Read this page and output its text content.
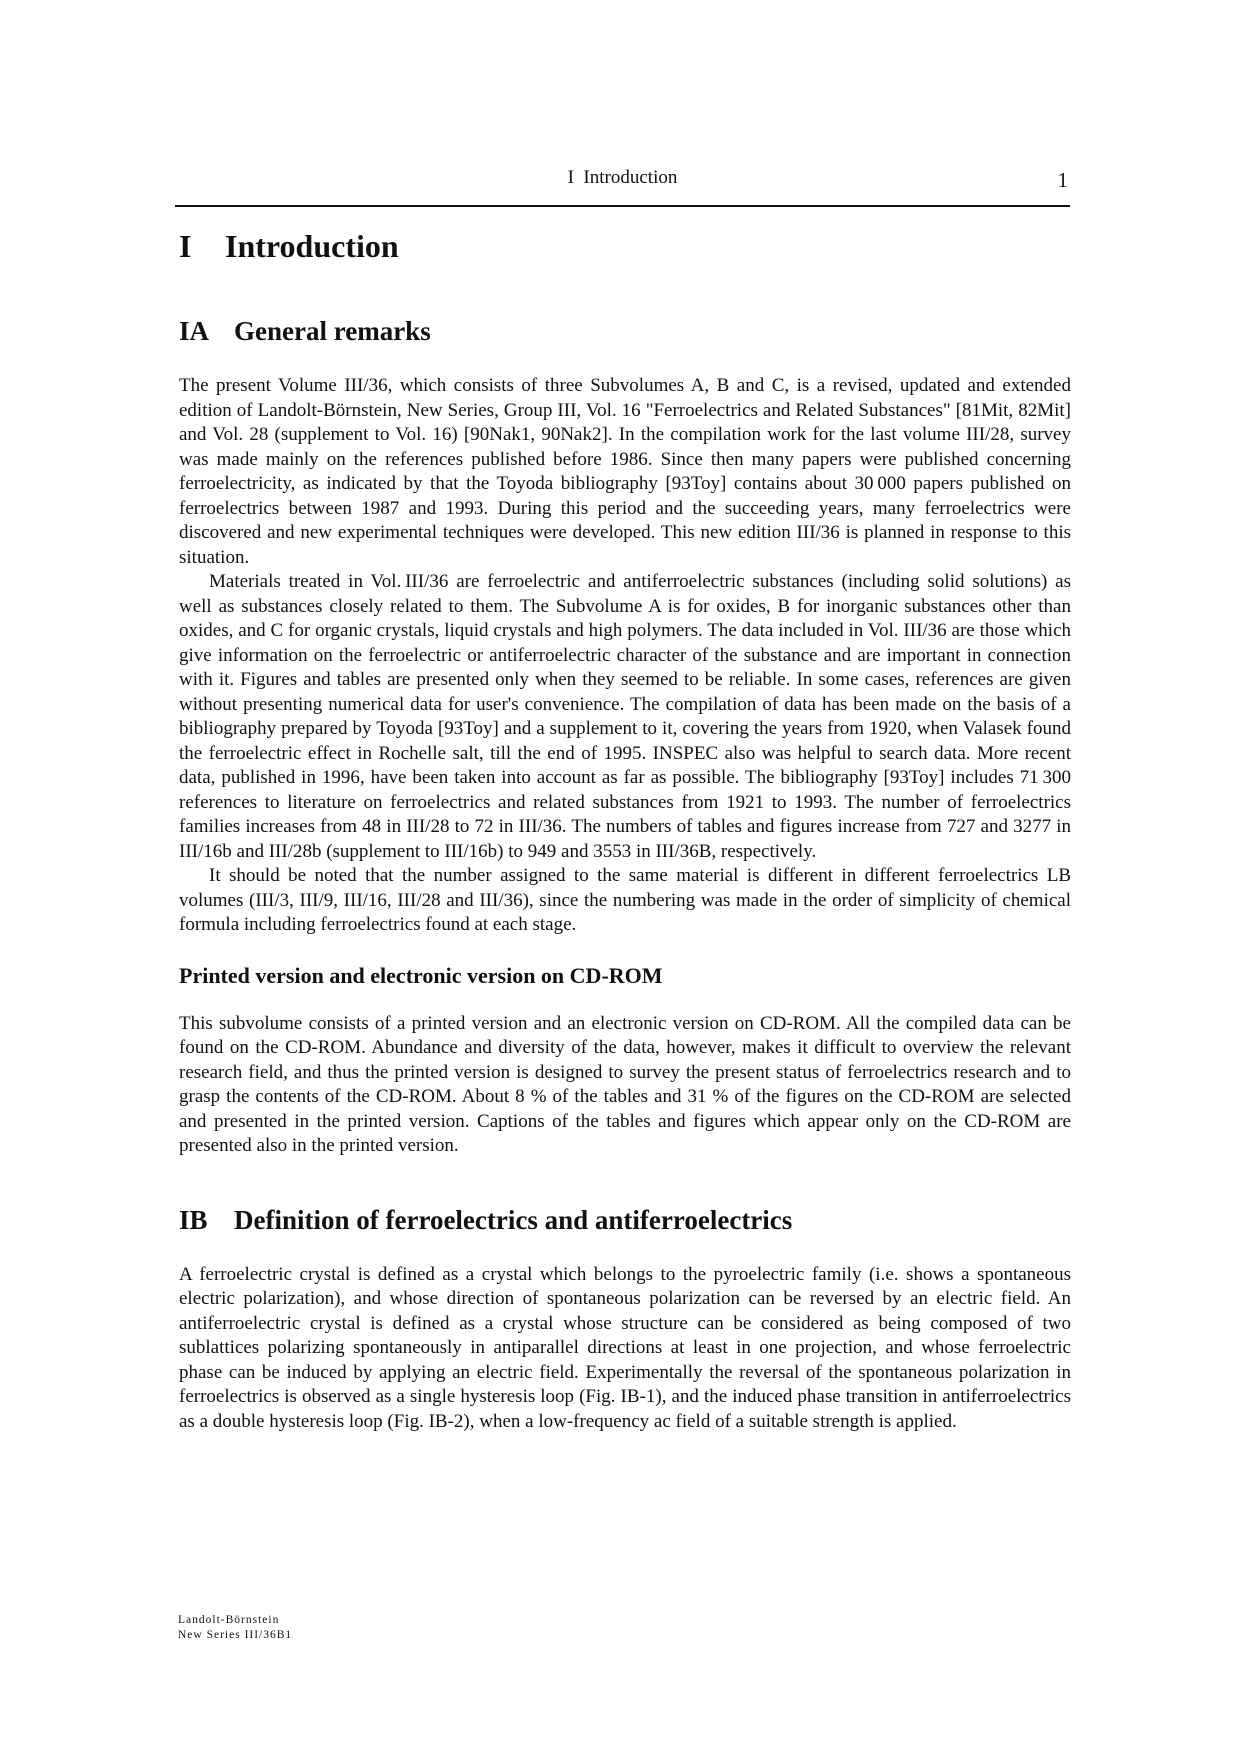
I  Introduction	1
I Introduction
IA General remarks

The present Volume III/36, which consists of three Subvolumes A, B and C, is a revised, updated and extended edition of Landolt-Börnstein, New Series, Group III, Vol. 16 "Ferroelectrics and Related Substances" [81Mit, 82Mit] and Vol. 28 (supplement to Vol. 16) [90Nak1, 90Nak2]. In the compilation work for the last volume III/28, survey was made mainly on the references published before 1986. Since then many papers were published concerning ferroelectricity, as indicated by that the Toyoda bibliography [93Toy] contains about 30 000 papers published on ferroelectrics between 1987 and 1993. During this period and the succeeding years, many ferroelectrics were discovered and new experimental techniques were developed. This new edition III/36 is planned in response to this situation.

Materials treated in Vol. III/36 are ferroelectric and antiferroelectric substances (including solid solutions) as well as substances closely related to them. The Subvolume A is for oxides, B for inorganic substances other than oxides, and C for organic crystals, liquid crystals and high polymers. The data included in Vol. III/36 are those which give information on the ferroelectric or antiferroelectric character of the substance and are important in connection with it. Figures and tables are presented only when they seemed to be reliable. In some cases, references are given without presenting numerical data for user's convenience. The compilation of data has been made on the basis of a bibliography prepared by Toyoda [93Toy] and a supplement to it, covering the years from 1920, when Valasek found the ferroelectric effect in Rochelle salt, till the end of 1995. INSPEC also was helpful to search data. More recent data, published in 1996, have been taken into account as far as possible. The bibliography [93Toy] includes 71 300 references to literature on ferroelectrics and related substances from 1921 to 1993. The number of ferroelectrics families increases from 48 in III/28 to 72 in III/36. The numbers of tables and figures increase from 727 and 3277 in III/16b and III/28b (supplement to III/16b) to 949 and 3553 in III/36B, respectively.

It should be noted that the number assigned to the same material is different in different ferroelectrics LB volumes (III/3, III/9, III/16, III/28 and III/36), since the numbering was made in the order of simplicity of chemical formula including ferroelectrics found at each stage.

Printed version and electronic version on CD-ROM

This subvolume consists of a printed version and an electronic version on CD-ROM. All the compiled data can be found on the CD-ROM. Abundance and diversity of the data, however, makes it difficult to overview the relevant research field, and thus the printed version is designed to survey the present status of ferroelectrics research and to grasp the contents of the CD-ROM. About 8 % of the tables and 31 % of the figures on the CD-ROM are selected and presented in the printed version. Captions of the tables and figures which appear only on the CD-ROM are presented also in the printed version.

IB Definition of ferroelectrics and antiferroelectrics

A ferroelectric crystal is defined as a crystal which belongs to the pyroelectric family (i.e. shows a spontaneous electric polarization), and whose direction of spontaneous polarization can be reversed by an electric field. An antiferroelectric crystal is defined as a crystal whose structure can be considered as being composed of two sublattices polarizing spontaneously in antiparallel directions at least in one projection, and whose ferroelectric phase can be induced by applying an electric field. Experimentally the reversal of the spontaneous polarization in ferroelectrics is observed as a single hysteresis loop (Fig. IB-1), and the induced phase transition in antiferroelectrics as a double hysteresis loop (Fig. IB-2), when a low-frequency ac field of a suitable strength is applied.

Landolt-Börnstein
New Series III/36B1
